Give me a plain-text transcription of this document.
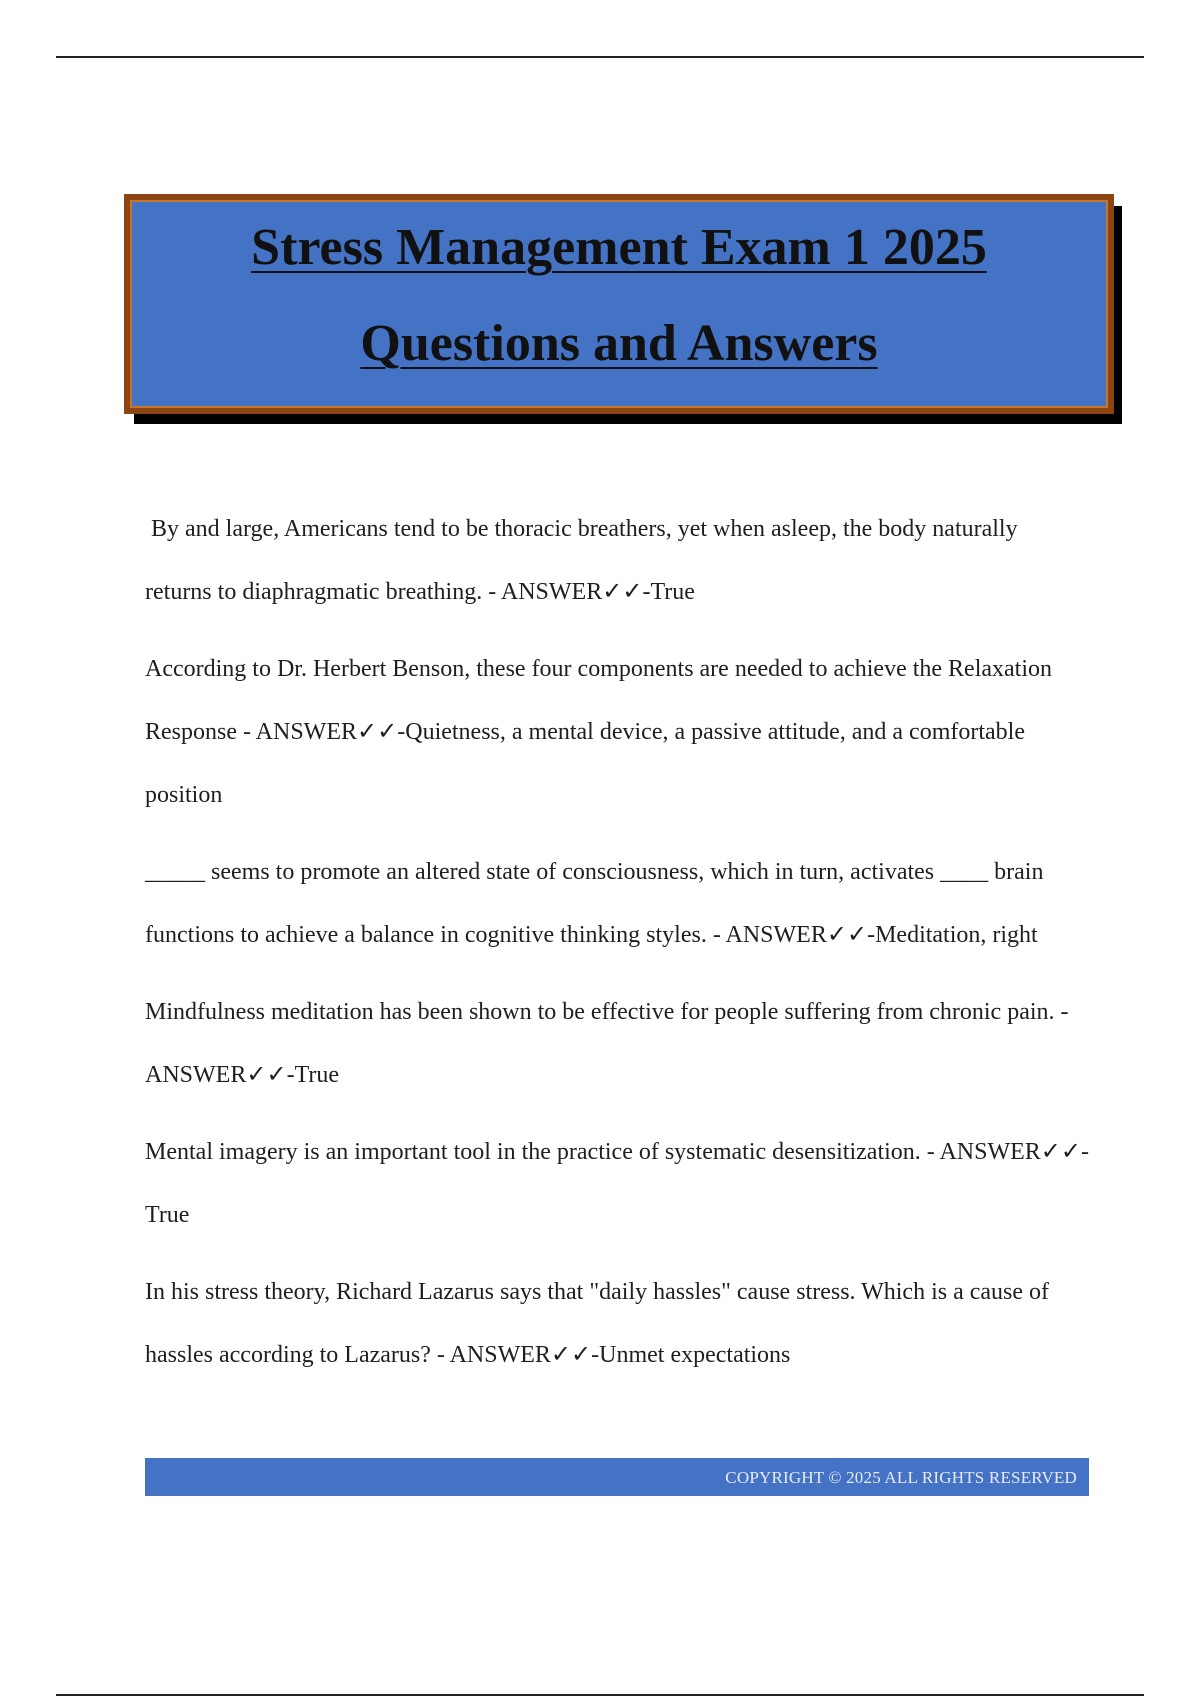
Stress Management Exam 1 2025
Questions and Answers

By and large, Americans tend to be thoracic breathers, yet when asleep, the body naturally returns to diaphragmatic breathing. - ANSWER✓✓-True

According to Dr. Herbert Benson, these four components are needed to achieve the Relaxation Response - ANSWER✓✓-Quietness, a mental device, a passive attitude, and a comfortable position

_____ seems to promote an altered state of consciousness, which in turn, activates ____ brain functions to achieve a balance in cognitive thinking styles. - ANSWER✓✓-Meditation, right

Mindfulness meditation has been shown to be effective for people suffering from chronic pain. - ANSWER✓✓-True

Mental imagery is an important tool in the practice of systematic desensitization. - ANSWER✓✓-True

In his stress theory, Richard Lazarus says that "daily hassles" cause stress. Which is a cause of hassles according to Lazarus? - ANSWER✓✓-Unmet expectations

COPYRIGHT © 2025 ALL RIGHTS RESERVED
